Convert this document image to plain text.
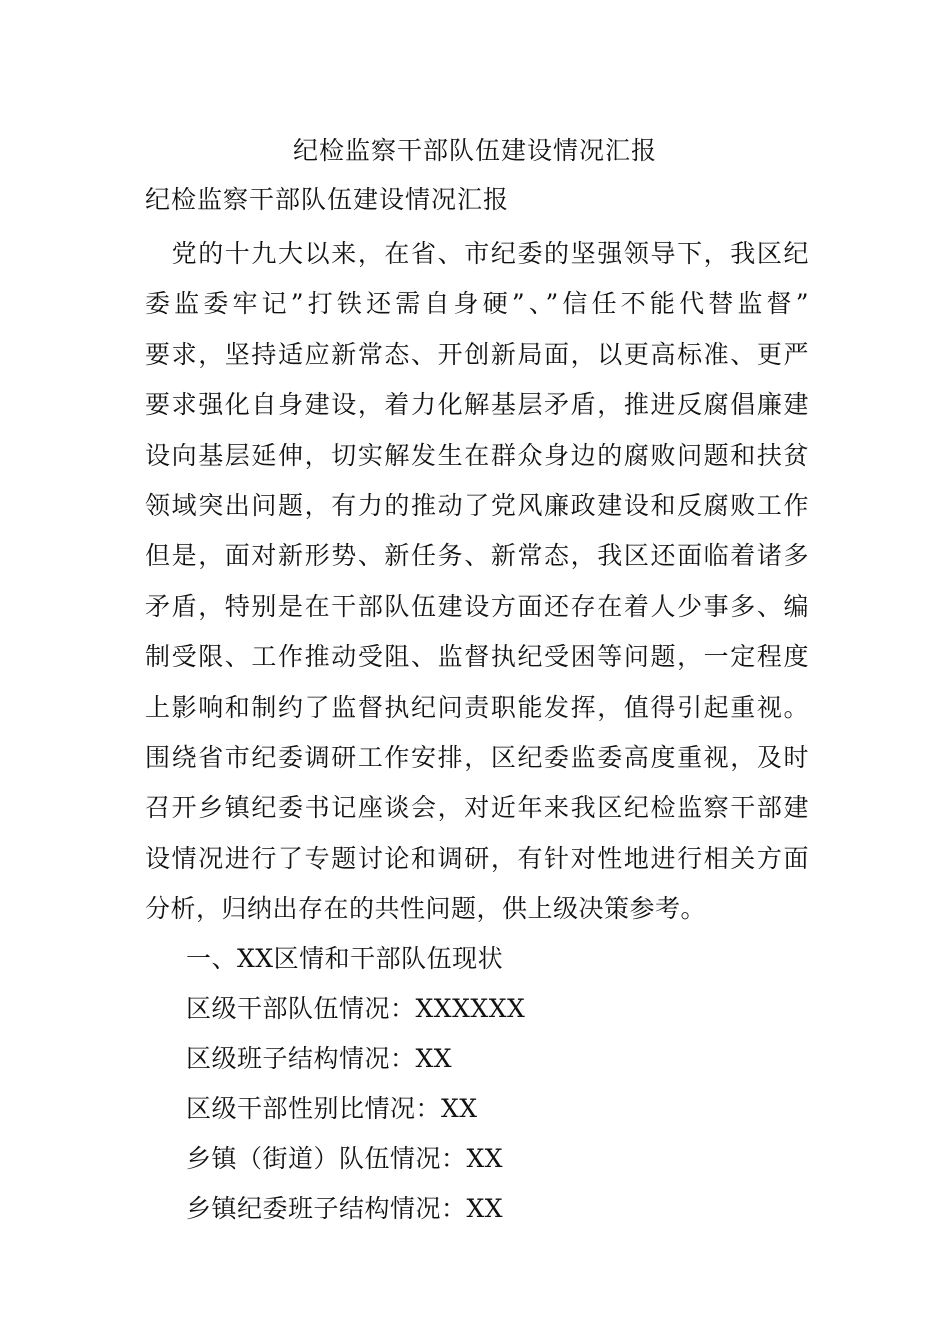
纪检监察干部队伍建设情况汇报
纪检监察干部队伍建设情况汇报
　党的十九大以来，在省、市纪委的坚强领导下，我区纪
委监委牢记”打铁还需自身硬”、”信任不能代替监督”
要求，坚持适应新常态、开创新局面，以更高标准、更严
要求强化自身建设，着力化解基层矛盾，推进反腐倡廉建
设向基层延伸，切实解发生在群众身边的腐败问题和扶贫
领域突出问题，有力的推动了党风廉政建设和反腐败工作
但是，面对新形势、新任务、新常态，我区还面临着诸多
矛盾，特别是在干部队伍建设方面还存在着人少事多、编
制受限、工作推动受阻、监督执纪受困等问题，一定程度
上影响和制约了监督执纪问责职能发挥，值得引起重视。
围绕省市纪委调研工作安排，区纪委监委高度重视，及时
召开乡镇纪委书记座谈会，对近年来我区纪检监察干部建
设情况进行了专题讨论和调研，有针对性地进行相关方面
分析，归纳出存在的共性问题，供上级决策参考。
一、XX区情和干部队伍现状
区级干部队伍情况：XXXXXX
区级班子结构情况：XX
区级干部性别比情况：XX
乡镇（街道）队伍情况：XX
乡镇纪委班子结构情况：XX
